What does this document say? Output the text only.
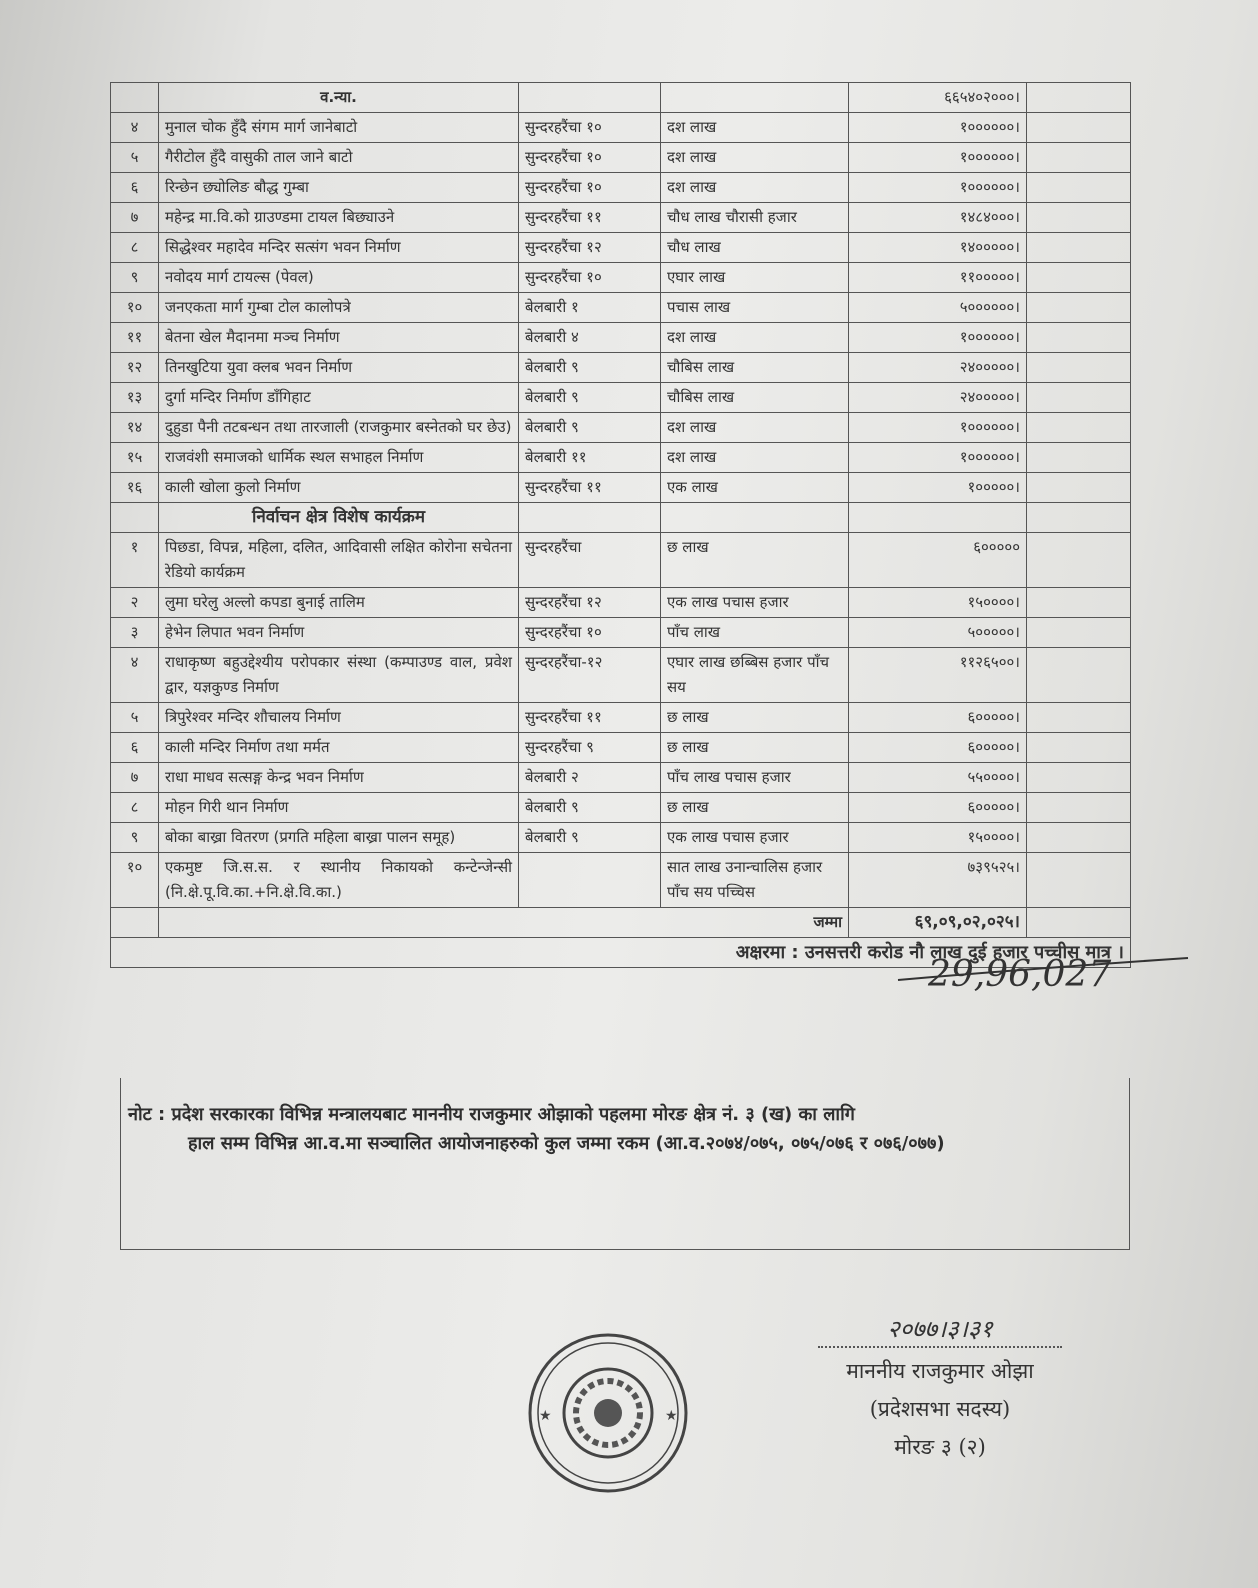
	व.न्या.			६६५४०२०००।	
४	मुनाल चोक हुँदै संगम मार्ग जानेबाटो	सुन्दरहरैंचा १०	दश लाख	१००००००।	
५	गैरीटोल हुँदै वासुकी ताल जाने बाटो	सुन्दरहरैंचा १०	दश लाख	१००००००।	
६	रिन्छेन छ्योलिङ बौद्ध गुम्बा	सुन्दरहरैंचा १०	दश लाख	१००००००।	
७	महेन्द्र मा.वि.को ग्राउण्डमा टायल बिछ्याउने	सुन्दरहरैंचा ११	चौध लाख चौरासी हजार	१४८४०००।	
८	सिद्धेश्वर महादेव मन्दिर सत्संग भवन निर्माण	सुन्दरहरैंचा १२	चौध लाख	१४०००००।	
९	नवोदय मार्ग टायल्स (पेवल)	सुन्दरहरैंचा १०	एघार लाख	११०००००।	
१०	जनएकता मार्ग गुम्बा टोल कालोपत्रे	बेलबारी १	पचास लाख	५००००००।	
११	बेतना खेल मैदानमा मञ्च निर्माण	बेलबारी ४	दश लाख	१००००००।	
१२	तिनखुटिया युवा क्लब भवन निर्माण	बेलबारी ९	चौबिस लाख	२४०००००।	
१३	दुर्गा मन्दिर निर्माण डाँगिहाट	बेलबारी ९	चौबिस लाख	२४०००००।	
१४	दुहुडा पैनी तटबन्धन तथा तारजाली (राजकुमार बस्नेतको घर छेउ)	बेलबारी ९	दश लाख	१००००००।	
१५	राजवंशी समाजको धार्मिक स्थल सभाहल निर्माण	बेलबारी ११	दश लाख	१००००००।	
१६	काली खोला कुलो निर्माण	सुन्दरहरैंचा ११	एक लाख	१०००००।	
	निर्वाचन क्षेत्र विशेष कार्यक्रम				
१	पिछडा, विपन्न, महिला, दलित, आदिवासी लक्षित कोरोना सचेतना रेडियो कार्यक्रम	सुन्दरहरैंचा	छ लाख	६०००००	
२	लुमा घरेलु अल्लो कपडा बुनाई तालिम	सुन्दरहरैंचा १२	एक लाख पचास हजार	१५००००।	
३	हेभेन लिपात भवन निर्माण	सुन्दरहरैंचा १०	पाँच लाख	५०००००।	
४	राधाकृष्ण बहुउद्देश्यीय परोपकार संस्था (कम्पाउण्ड वाल, प्रवेश द्वार, यज्ञकुण्ड निर्माण	सुन्दरहरैंचा-१२	एघार लाख छब्बिस हजार पाँच सय	११२६५००।	
५	त्रिपुरेश्वर मन्दिर शौचालय निर्माण	सुन्दरहरैंचा ११	छ लाख	६०००००।	
६	काली मन्दिर निर्माण तथा मर्मत	सुन्दरहरैंचा ९	छ लाख	६०००००।	
७	राधा माधव सत्सङ्ग केन्द्र भवन निर्माण	बेलबारी २	पाँच लाख पचास हजार	५५००००।	
८	मोहन गिरी थान निर्माण	बेलबारी ९	छ लाख	६०००००।	
९	बोका बाख्रा वितरण (प्रगति महिला बाख्रा पालन समूह)	बेलबारी ९	एक लाख पचास हजार	१५००००।	
१०	एकमुष्ट जि.स.स. र स्थानीय निकायको कन्टेन्जेन्सी (नि.क्षे.पू.वि.का.+नि.क्षे.वि.का.)		सात लाख उनान्चालिस हजार पाँच सय पच्चिस	७३९५२५।	
	जम्मा			६९,०९,०२,०२५।	
अक्षरमा : उनसत्तरी करोड नौ लाख दुई हजार पच्चीस मात्र ।					
नोट : प्रदेश सरकारका विभिन्न मन्त्रालयबाट माननीय राजकुमार ओझाको पहलमा मोरङ क्षेत्र नं. ३ (ख) का लागि
हाल सम्म विभिन्न आ.व.मा सञ्चालित आयोजनाहरुको कुल जम्मा रकम (आ.व.२०७४/०७५, ०७५/०७६ र ०७६/०७७)
29,96,027
★	★
२०७७।३।३१
माननीय राजकुमार ओझा
(प्रदेशसभा सदस्य)
मोरङ ३ (२)
